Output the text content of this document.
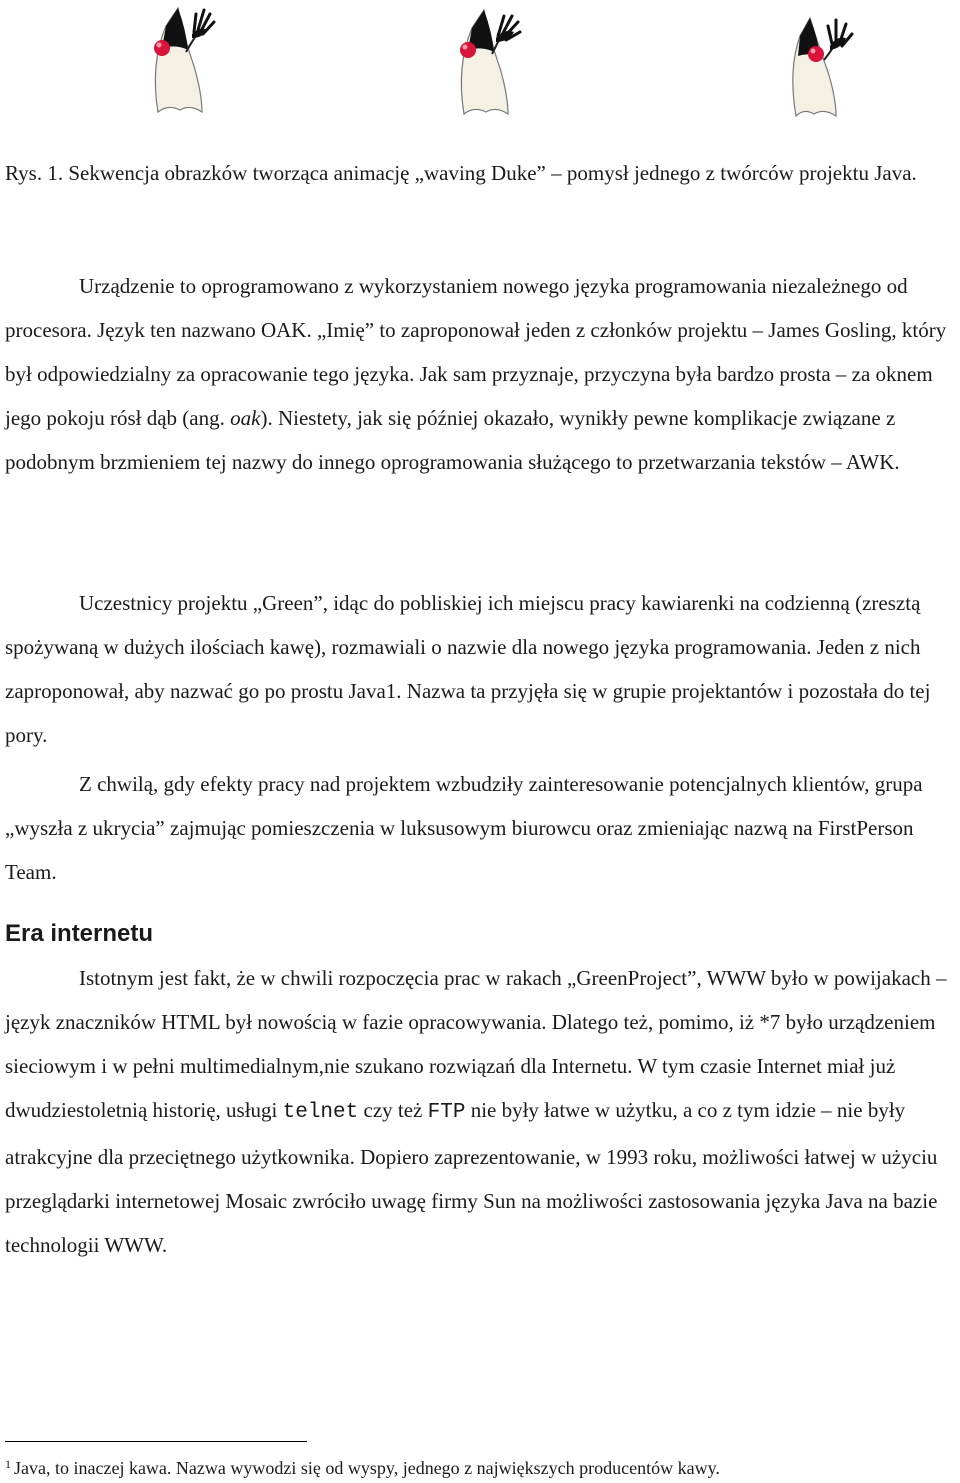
Rys. 1. Sekwencja obrazków tworząca animację „waving Duke” – pomysł jednego z twórców projektu Java.

Urządzenie to oprogramowano z wykorzystaniem nowego języka programowania niezależnego od procesora. Język ten nazwano OAK. „Imię” to zaproponował jeden z członków projektu – James Gosling, który był odpowiedzialny za opracowanie tego języka. Jak sam przyznaje, przyczyna była bardzo prosta – za oknem jego pokoju rósł dąb (ang. oak). Niestety, jak się później okazało, wynikły pewne komplikacje związane z podobnym brzmieniem tej nazwy do innego oprogramowania służącego to przetwarzania tekstów – AWK.

Uczestnicy projektu „Green”, idąc do pobliskiej ich miejscu pracy kawiarenki na codzienną (zresztą spożywaną w dużych ilościach kawę), rozmawiali o nazwie dla nowego języka programowania. Jeden z nich zaproponował, aby nazwać go po prostu Java1. Nazwa ta przyjęła się w grupie projektantów i pozostała do tej pory.

Z chwilą, gdy efekty pracy nad projektem wzbudziły zainteresowanie potencjalnych klientów, grupa „wyszła z ukrycia” zajmując pomieszczenia w luksusowym biurowcu oraz zmieniając nazwą na FirstPerson Team.

Era internetu

Istotnym jest fakt, że w chwili rozpoczęcia prac w rakach „GreenProject”, WWW było w powijakach – język znaczników HTML był nowością w fazie opracowywania. Dlatego też, pomimo, iż *7 było urządzeniem sieciowym i w pełni multimedialnym,nie szukano rozwiązań dla Internetu. W tym czasie Internet miał już dwudziestoletnią historię, usługi telnet czy też FTP nie były łatwe w użytku, a co z tym idzie – nie były atrakcyjne dla przeciętnego użytkownika. Dopiero zaprezentowanie, w 1993 roku, możliwości łatwej w użyciu przeglądarki internetowej Mosaic zwróciło uwagę firmy Sun na możliwości zastosowania języka Java na bazie technologii WWW.

$^1$ Java, to inaczej kawa. Nazwa wywodzi się od wyspy, jednego z największych producentów kawy.
